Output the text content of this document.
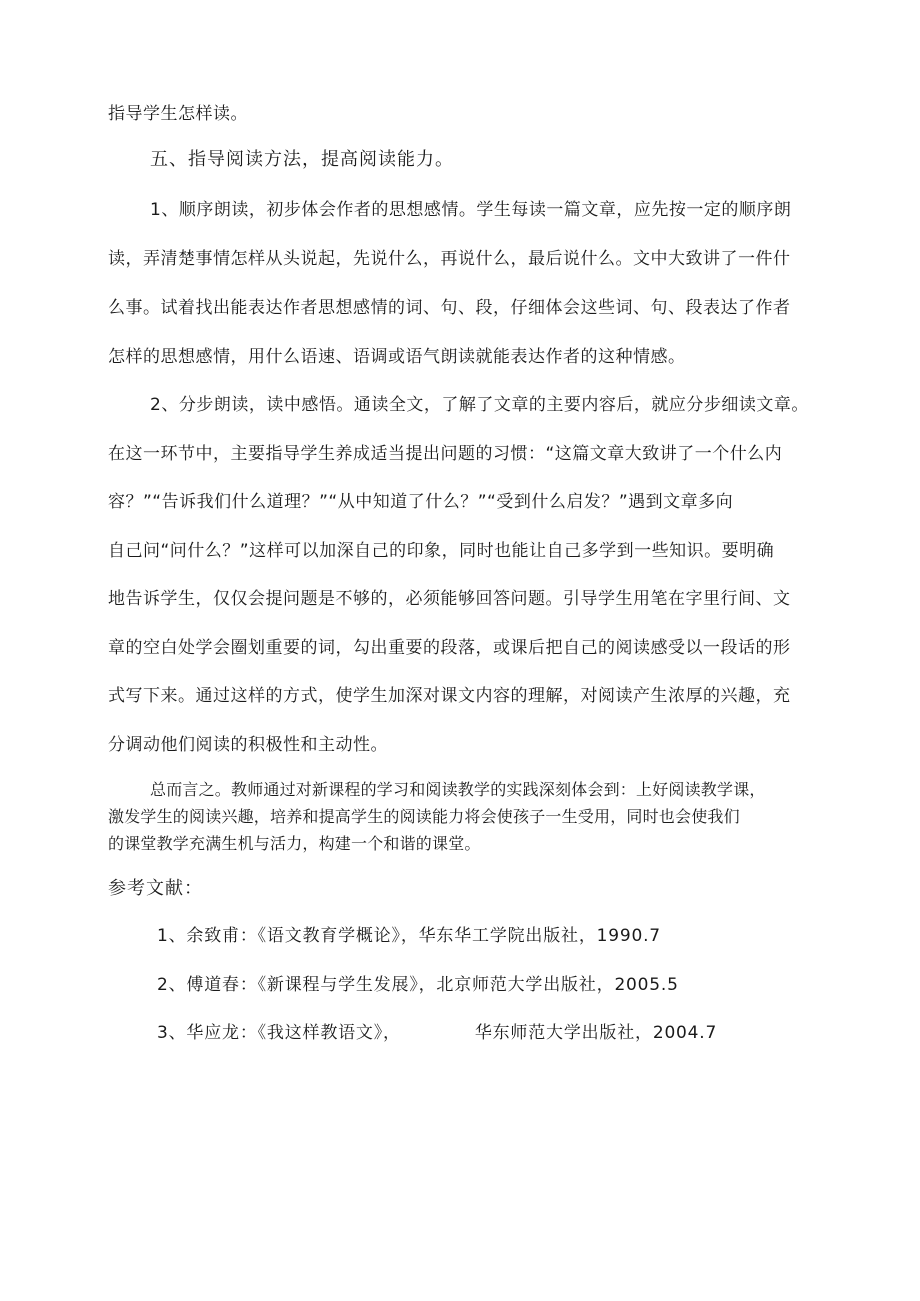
指导学生怎样读。
五、指导阅读方法，提高阅读能力。
1、顺序朗读，初步体会作者的思想感情。学生每读一篇文章，应先按一定的顺序朗
读，弄清楚事情怎样从头说起，先说什么，再说什么，最后说什么。文中大致讲了一件什
么事。试着找出能表达作者思想感情的词、句、段，仔细体会这些词、句、段表达了作者
怎样的思想感情，用什么语速、语调或语气朗读就能表达作者的这种情感。
2、分步朗读，读中感悟。通读全文，了解了文章的主要内容后，就应分步细读文章。
在这一环节中，主要指导学生养成适当提出问题的习惯：“这篇文章大致讲了一个什么内
容？”“告诉我们什么道理？”“从中知道了什么？”“受到什么启发？”遇到文章多向
自己问“问什么？”这样可以加深自己的印象，同时也能让自己多学到一些知识。要明确
地告诉学生，仅仅会提问题是不够的，必须能够回答问题。引导学生用笔在字里行间、文
章的空白处学会圈划重要的词，勾出重要的段落，或课后把自己的阅读感受以一段话的形
式写下来。通过这样的方式，使学生加深对课文内容的理解，对阅读产生浓厚的兴趣，充
分调动他们阅读的积极性和主动性。
总而言之。教师通过对新课程的学习和阅读教学的实践深刻体会到：上好阅读教学课，
激发学生的阅读兴趣，培养和提高学生的阅读能力将会使孩子一生受用，同时也会使我们
的课堂教学充满生机与活力，构建一个和谐的课堂。
参考文献：
1、余致甫：《语文教育学概论》，华东华工学院出版社，1990.7
2、傅道春：《新课程与学生发展》，北京师范大学出版社，2005.5
3、华应龙：《我这样教语文》，	华东师范大学出版社，2004.7
